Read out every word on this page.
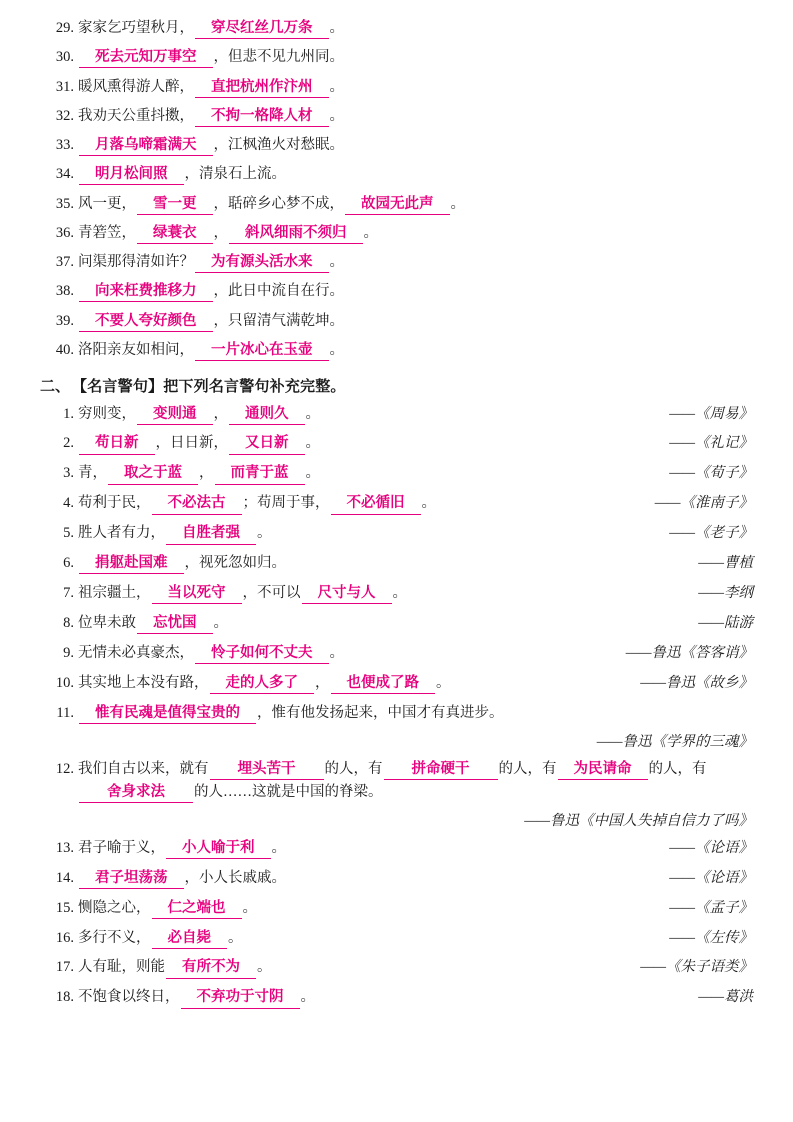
29. 家家乞巧望秋月， 穿尽红丝几万条 。
30.	死去元知万事空 ，但悲不见九州同。
31. 暖风熏得游人醉， 直把杭州作汴州 。
32. 我劝天公重抖擞， 不拘一格降人材 。
33.	月落乌啼霜满天 ，江枫渔火对愁眠。
34.	明月松间照 ，清泉石上流。
35. 风一更， 雪一更 ，聒碎乡心梦不成， 故园无此声 。
36. 青箬笠， 绿蓑衣 ， 斜风细雨不须归 。
37. 问渠那得清如许？ 为有源头活水来 。
38.	向来枉费推移力 ，此日中流自在行。
39.	不要人夸好颜色 ，只留清气满乾坤。
40. 洛阳亲友如相问， 一片冰心在玉壶 。
二、 【名言警句】把下列名言警句补充完整。
1. 穷则变， 变则通 ， 通则久 。	——《周易》
2.	苟日新 ，日日新， 又日新 。	——《礼记》
3. 青， 取之于蓝 ， 而青于蓝 。	——《荀子》
4. 苟利于民， 不必法古 ；苟周于事， 不必循旧 。	——《淮南子》
5. 胜人者有力， 自胜者强 。	——《老子》
6.	捐躯赴国难 ，视死忽如归。	——曹植
7. 祖宗疆土， 当以死守 ，不可以 尺寸与人 。	——李纲
8. 位卑未敢 忘忧国 。	——陆游
9. 无情未必真豪杰， 怜子如何不丈夫 。	——鲁迅《答客诮》
10. 其实地上本没有路， 走的人多了 ， 也便成了路 。	——鲁迅《故乡》
11.	惟有民魂是值得宝贵的 ，惟有他发扬起来，中国才有真进步。
——鲁迅《学界的三魂》
12. 我们自古以来，就有 埋头苦干 的人，有 拼命硬干 的人，有 为民请命 的人，有舍身求法 的人……这就是中国的脊梁。
——鲁迅《中国人失掉自信力了吗》
13. 君子喻于义， 小人喻于利 。	——《论语》
14.	君子坦荡荡 ，小人长戚戚。	——《论语》
15. 恻隐之心， 仁之端也 。	——《孟子》
16. 多行不义， 必自毙 。	——《左传》
17. 人有耻，则能 有所不为 。	——《朱子语类》
18. 不饱食以终日， 不弃功于寸阴 。	——葛洪
